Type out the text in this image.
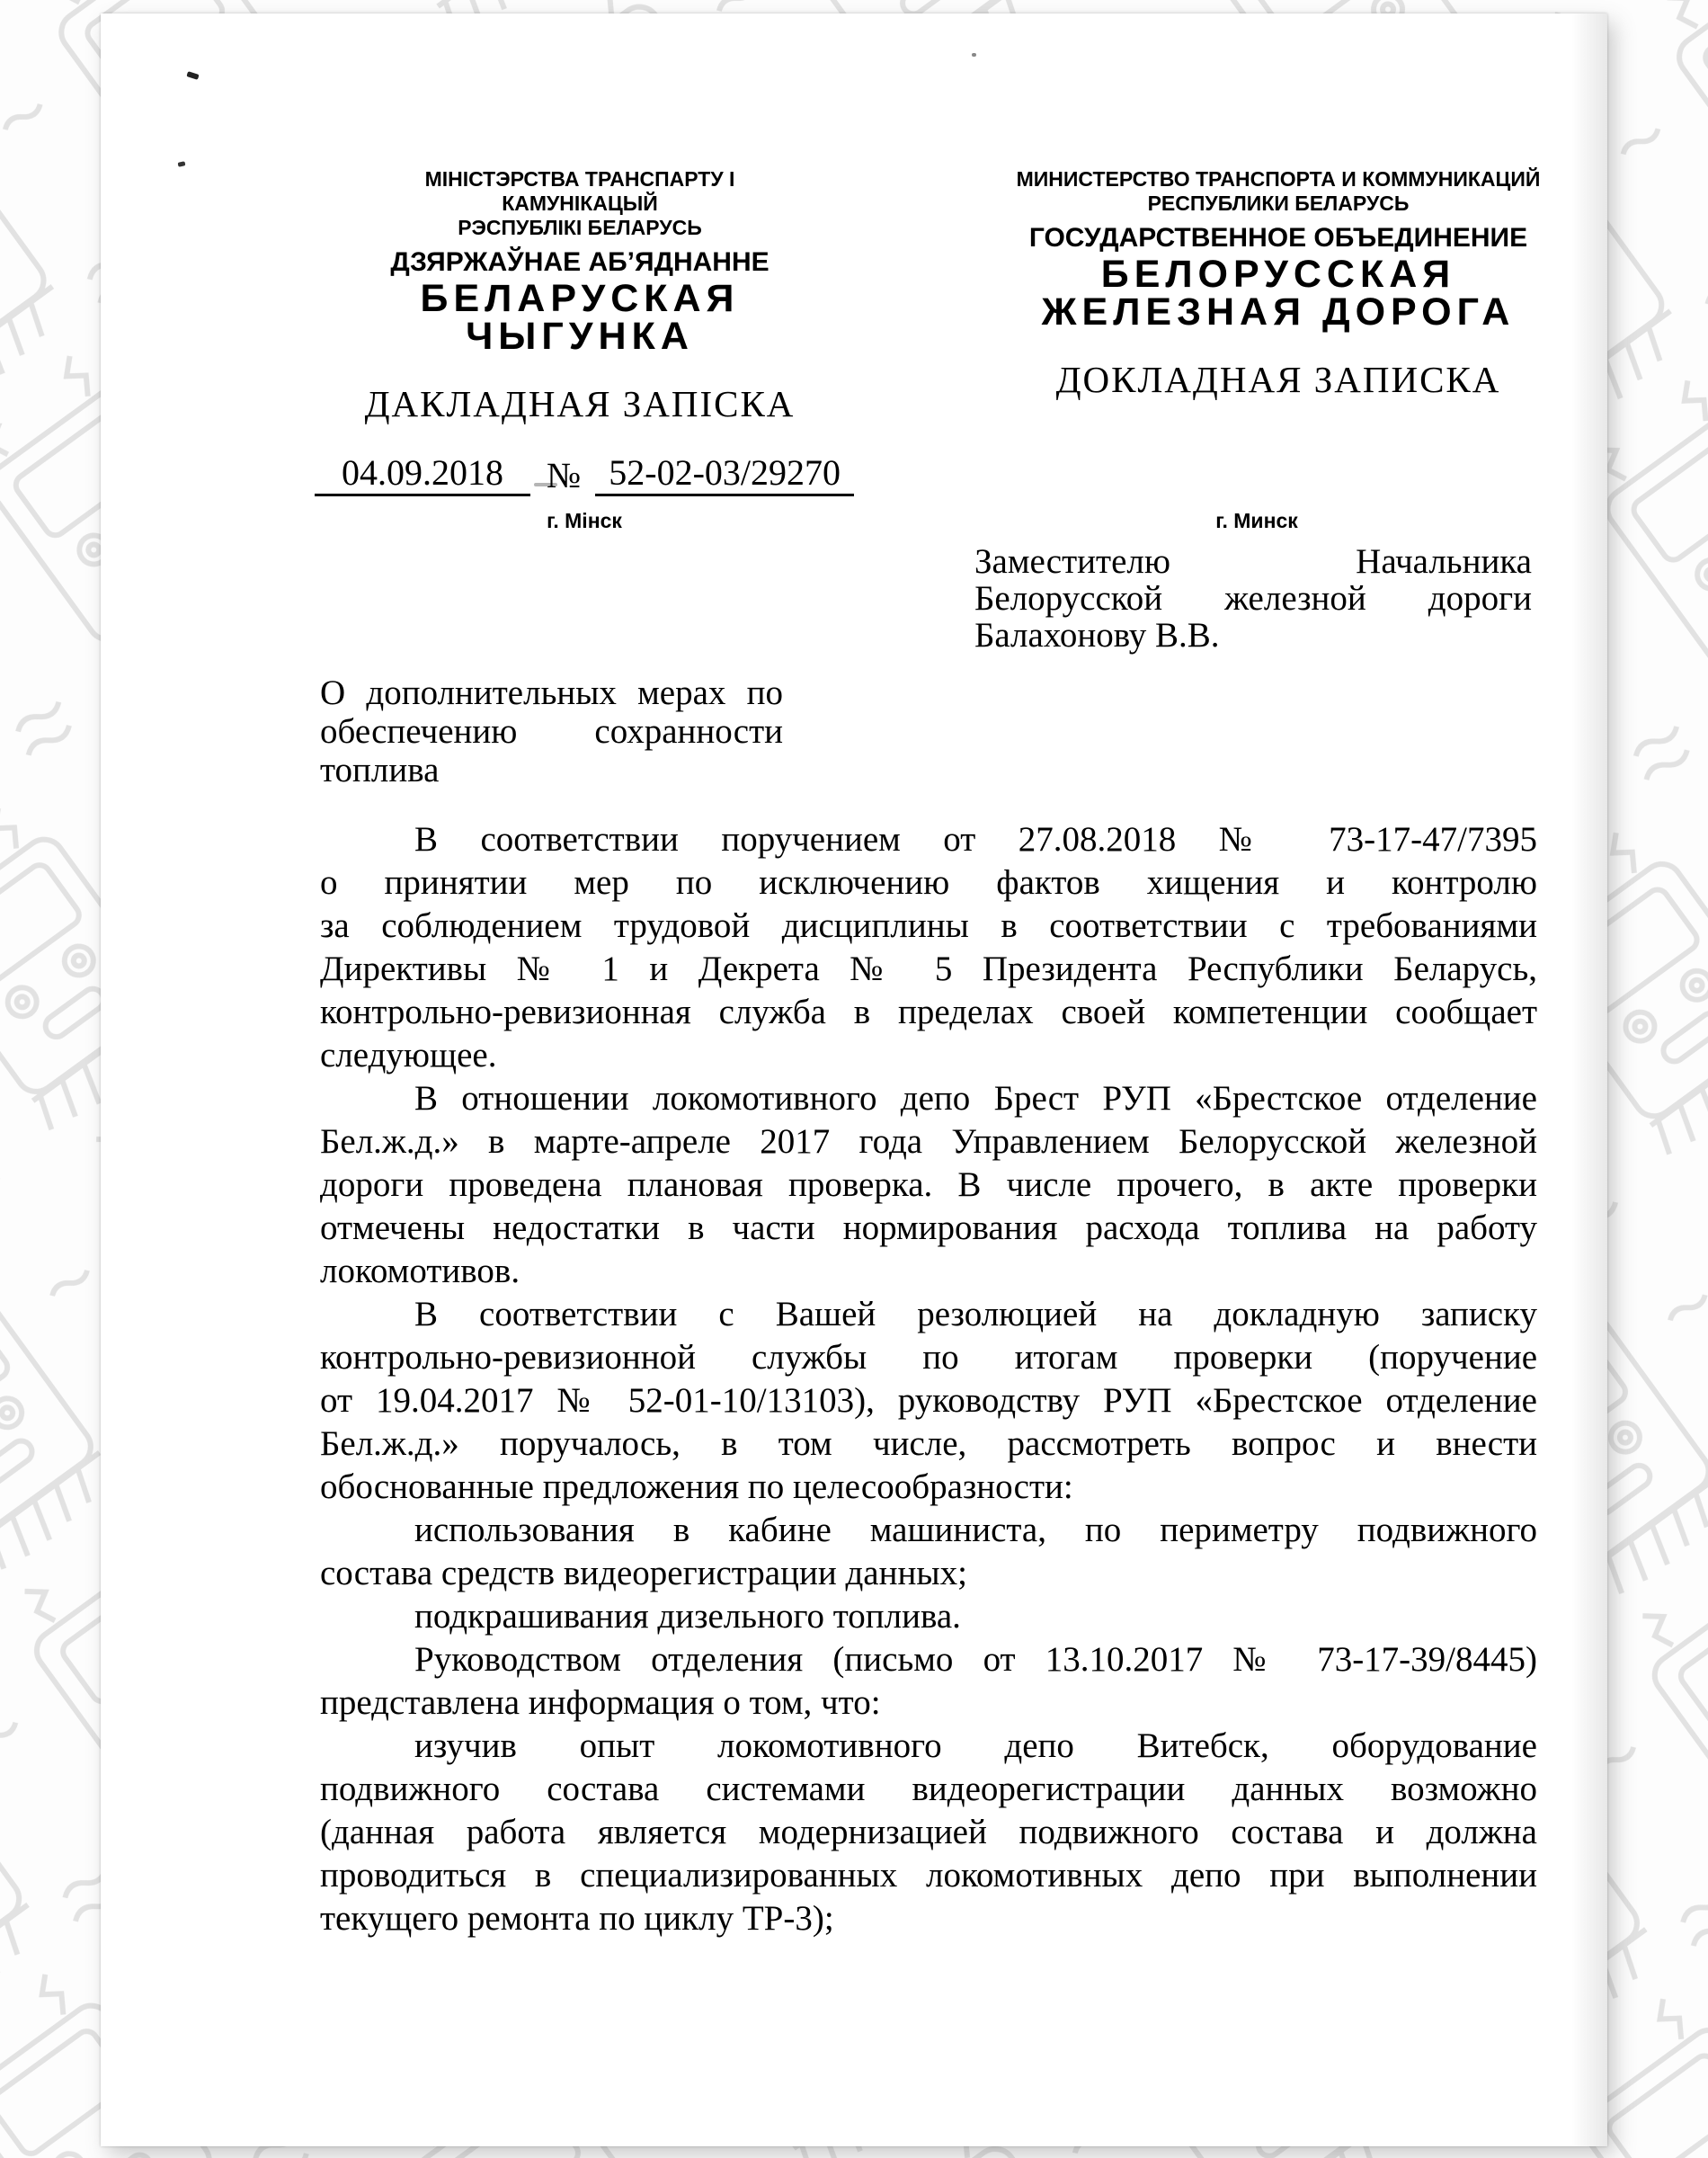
МІНІСТЭРСТВА ТРАНСПАРТУ І КАМУНІКАЦЫЙ
РЭСПУБЛІКІ БЕЛАРУСЬ
ДЗЯРЖАЎНАЕ АБ’ЯДНАННЕ
БЕЛАРУСКАЯ
ЧЫГУНКА
ДАКЛАДНАЯ ЗАПІСКА
МИНИСТЕРСТВО ТРАНСПОРТА И КОММУНИКАЦИЙ
РЕСПУБЛИКИ БЕЛАРУСЬ
ГОСУДАРСТВЕННОЕ ОБЪЕДИНЕНИЕ
БЕЛОРУССКАЯ
ЖЕЛЕЗНАЯ ДОРОГА
ДОКЛАДНАЯ ЗАПИСКА
04.09.2018	№ 52-02-03/29270
г. Мінск	г. Минск
Заместителю Начальника
Белорусской железной дороги
Балахонову В.В.
О дополнительных мерах по
обеспечению сохранности
топлива
В соответствии поручением от 27.08.2018 № 73-17-47/7395
о принятии мер по исключению фактов хищения и контролю
за соблюдением трудовой дисциплины в соответствии с требованиями
Директивы № 1 и Декрета № 5 Президента Республики Беларусь,
контрольно-ревизионная служба в пределах своей компетенции сообщает
следующее.
В отношении локомотивного депо Брест РУП «Брестское отделение
Бел.ж.д.» в марте-апреле 2017 года Управлением Белорусской железной
дороги проведена плановая проверка. В числе прочего, в акте проверки
отмечены недостатки в части нормирования расхода топлива на работу
локомотивов.
В соответствии с Вашей резолюцией на докладную записку
контрольно-ревизионной службы по итогам проверки (поручение
от 19.04.2017 № 52-01-10/13103), руководству РУП «Брестское отделение
Бел.ж.д.» поручалось, в том числе, рассмотреть вопрос и внести
обоснованные предложения по целесообразности:
использования в кабине машиниста, по периметру подвижного
состава средств видеорегистрации данных;
подкрашивания дизельного топлива.
Руководством отделения (письмо от 13.10.2017 № 73-17-39/8445)
представлена информация о том, что:
изучив опыт локомотивного депо Витебск, оборудование
подвижного состава системами видеорегистрации данных возможно
(данная работа является модернизацией подвижного состава и должна
проводиться в специализированных локомотивных депо при выполнении
текущего ремонта по циклу ТР-3);
